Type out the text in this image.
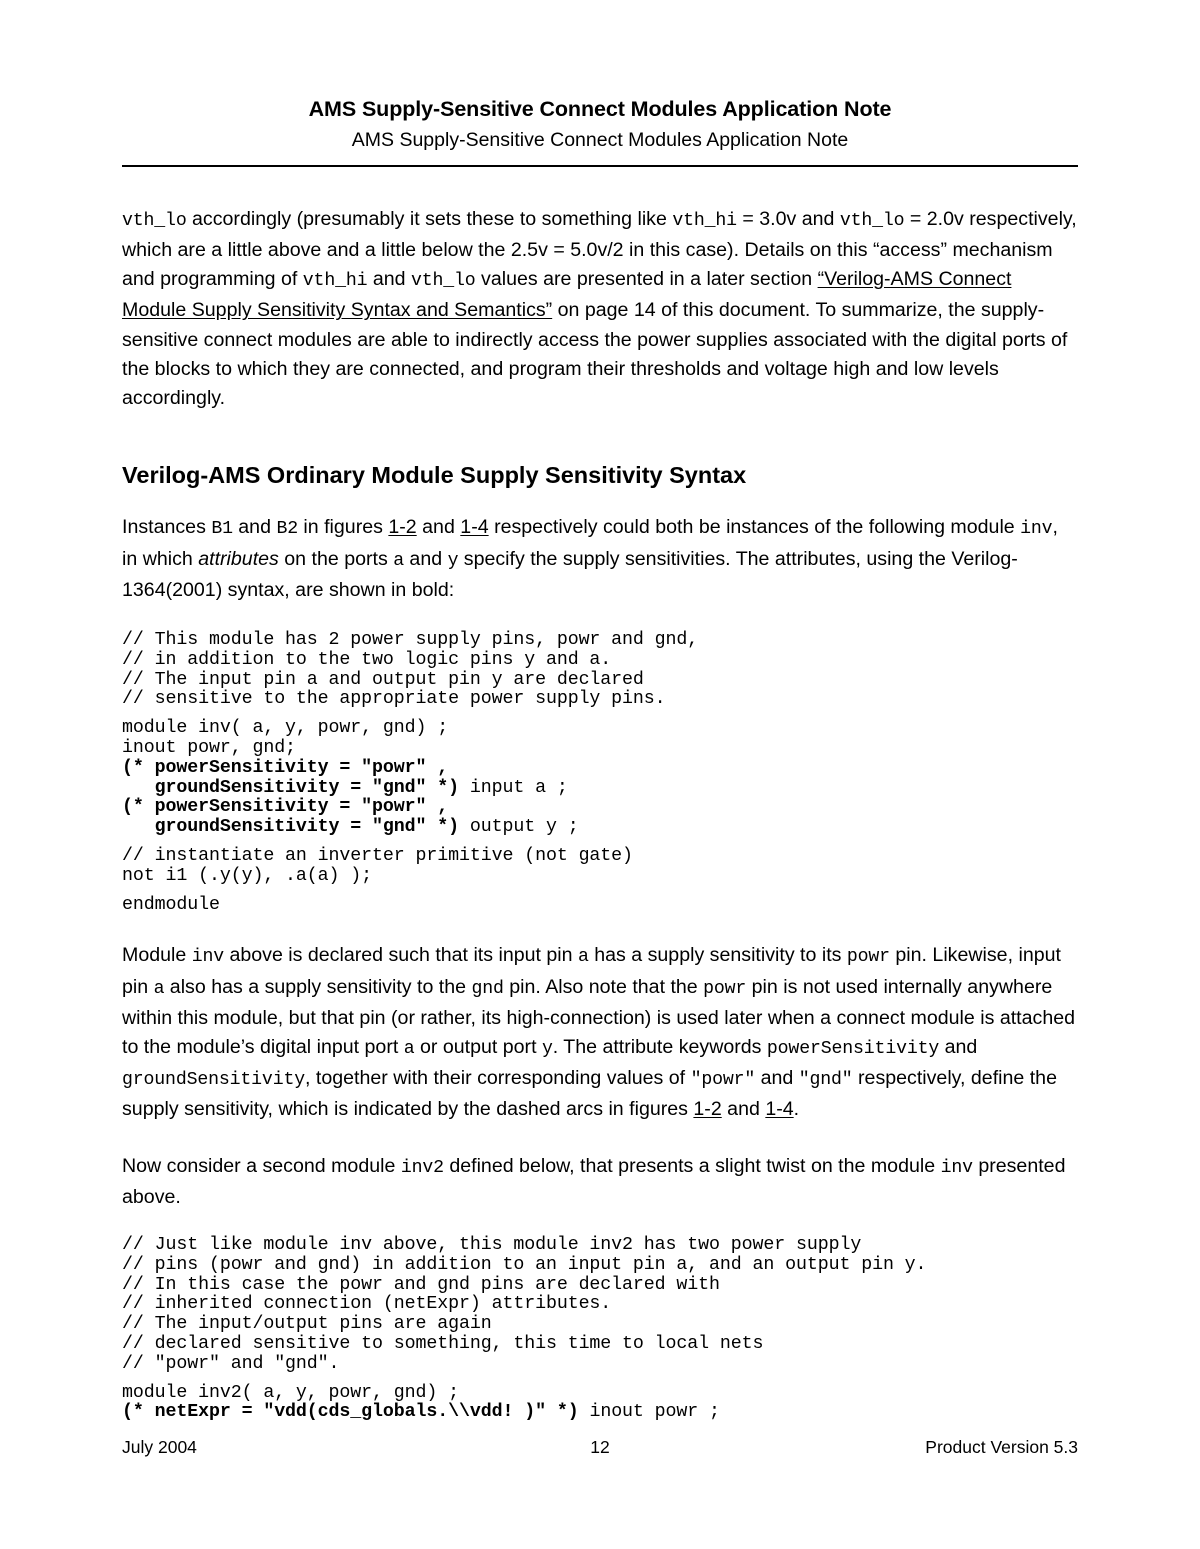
AMS Supply-Sensitive Connect Modules Application Note
AMS Supply-Sensitive Connect Modules Application Note

vth_lo accordingly (presumably it sets these to something like vth_hi = 3.0v and vth_lo = 2.0v respectively, which are a little above and a little below the 2.5v = 5.0v/2 in this case). Details on this “access” mechanism and programming of vth_hi and vth_lo values are presented in a later section “Verilog-AMS Connect Module Supply Sensitivity Syntax and Semantics” on page 14 of this document. To summarize, the supply-sensitive connect modules are able to indirectly access the power supplies associated with the digital ports of the blocks to which they are connected, and program their thresholds and voltage high and low levels accordingly.

Verilog-AMS Ordinary Module Supply Sensitivity Syntax

Instances B1 and B2 in figures 1-2 and 1-4 respectively could both be instances of the following module inv, in which attributes on the ports a and y specify the supply sensitivities. The attributes, using the Verilog-1364(2001) syntax, are shown in bold:

// This module has 2 power supply pins, powr and gnd,
// in addition to the two logic pins y and a.
// The input pin a and output pin y are declared
// sensitive to the appropriate power supply pins.
module inv( a, y, powr, gnd) ;
inout powr, gnd;
(* powerSensitivity = "powr" ,
groundSensitivity = "gnd" *) input a ;
(* powerSensitivity = "powr" ,
groundSensitivity = "gnd" *) output y ;
// instantiate an inverter primitive (not gate)
not i1 (.y(y), .a(a) );
endmodule

Module inv above is declared such that its input pin a has a supply sensitivity to its powr pin. Likewise, input pin a also has a supply sensitivity to the gnd pin. Also note that the powr pin is not used internally anywhere within this module, but that pin (or rather, its high-connection) is used later when a connect module is attached to the module’s digital input port a or output port y. The attribute keywords powerSensitivity and groundSensitivity, together with their corresponding values of "powr" and "gnd" respectively, define the supply sensitivity, which is indicated by the dashed arcs in figures 1-2 and 1-4.

Now consider a second module inv2 defined below, that presents a slight twist on the module inv presented above.

// Just like module inv above, this module inv2 has two power supply
// pins (powr and gnd) in addition to an input pin a, and an output pin y.
// In this case the powr and gnd pins are declared with
// inherited connection (netExpr) attributes.
// The input/output pins are again
// declared sensitive to something, this time to local nets
// "powr" and "gnd".
module inv2( a, y, powr, gnd) ;
(* netExpr = "vdd(cds_globals.\\vdd! )" *) inout powr ;
July 2004	12	Product Version 5.3
